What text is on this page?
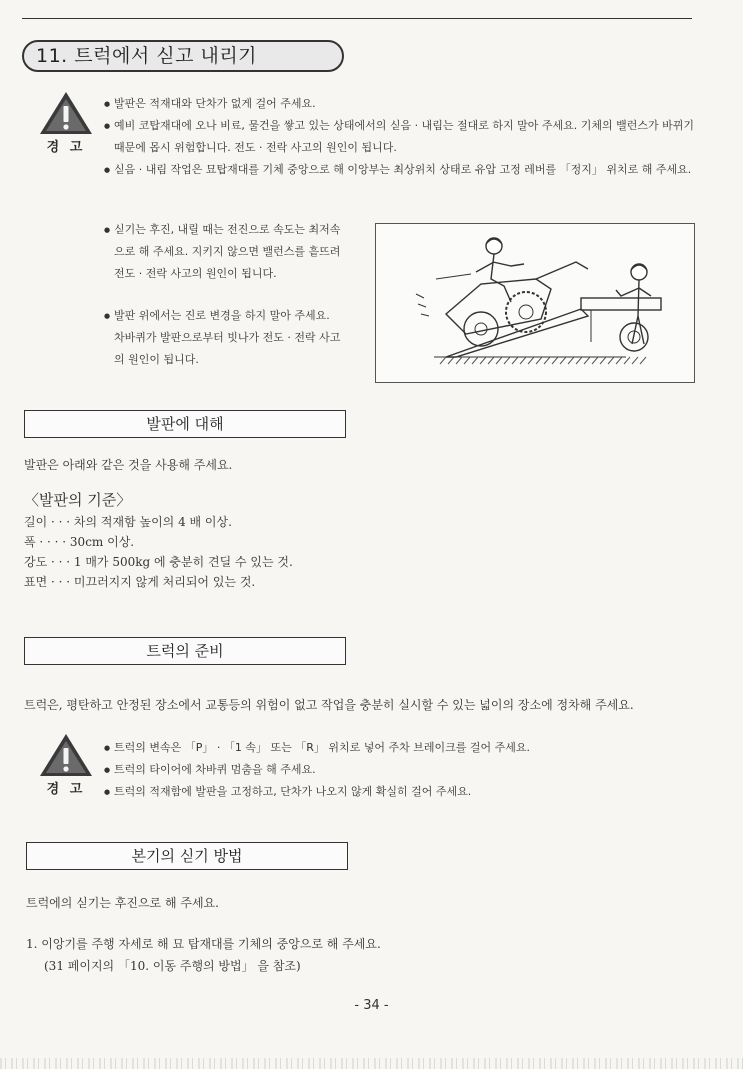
11. 트럭에서 싣고 내리기
경 고
● 발판은 적재대와 단차가 없게 걸어 주세요.
● 예비 코탑재대에 오나 비료, 물건을 쌓고 있는 상태에서의 싣음 · 내림는 절대로 하지 말아 주세요. 기체의 밸런스가 바뀌기 때문에 몹시 위험합니다. 전도 · 전락 사고의 원인이 됩니다.
● 싣음 · 내림 작업은 묘탑재대를 기체 중앙으로 해 이앙부는 최상위치 상태로 유압 고정 레버를 「정지」 위치로 해 주세요.
● 싣기는 후진, 내릴 때는 전진으로 속도는 최저속으로 해 주세요. 지키지 않으면 밸런스를 흩뜨려 전도 · 전락 사고의 원인이 됩니다.
● 발판 위에서는 진로 변경을 하지 말아 주세요. 차바퀴가 발판으로부터 빗나가 전도 · 전락 사고의 원인이 됩니다.
발판에 대해
발판은 아래와 같은 것을 사용해 주세요.
〈발판의 기준〉
길이 · · · 차의 적재함 높이의 4 배 이상.
폭 · · · · 30cm 이상.
강도 · · · 1 매가 500kg 에 충분히 견딜 수 있는 것.
표면 · · · 미끄러지지 않게 처리되어 있는 것.
트럭의 준비
트럭은, 평탄하고 안정된 장소에서 교통등의 위험이 없고 작업을 충분히 실시할 수 있는 넓이의 장소에 정차해 주세요.
경 고
● 트럭의 변속은 「P」 · 「1 속」 또는 「R」 위치로 넣어 주차 브레이크를 걸어 주세요.
● 트럭의 타이어에 차바퀴 멈춤을 해 주세요.
● 트럭의 적재함에 발판을 고정하고, 단차가 나오지 않게 확실히 걸어 주세요.
본기의 싣기 방법
트럭에의 싣기는 후진으로 해 주세요.
1. 이앙기를 주행 자세로 해 묘 탑재대를 기체의 중앙으로 해 주세요.
(31 페이지의 「10. 이동 주행의 방법」 을 참조)
- 34 -
